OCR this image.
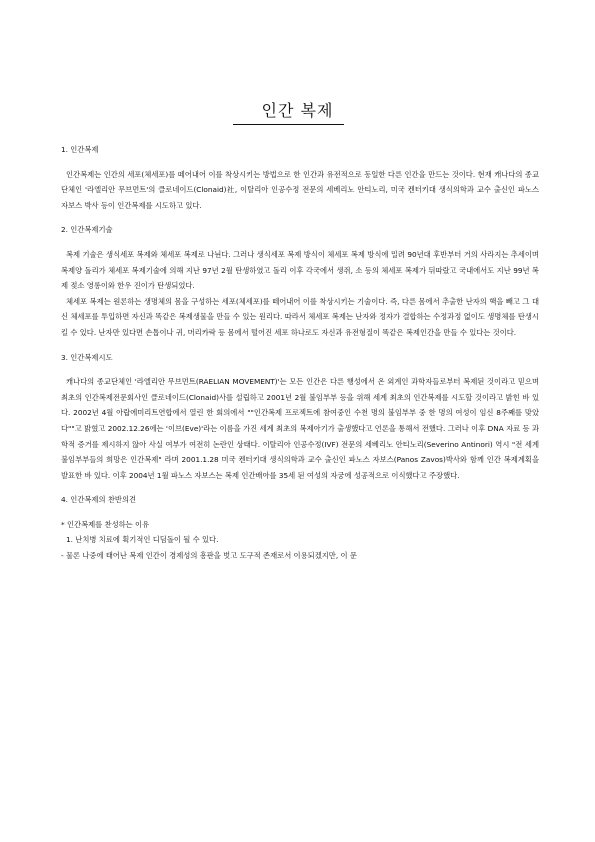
인간 복제

1. 인간복제

인간복제는 인간의 세포(체세포)를 떼어내어 이를 착상시키는 방법으로 한 인간과 유전적으로 동일한 다른 인간을 만드는 것이다. 현재 캐나다의 종교단체인 '라엘리안 무브먼트'의 클로네이드(Clonaid)社, 이탈리아 인공수정 전문의 세베리노 안티노리, 미국 켄터키대 생식의학과 교수 출신인 파노스 자보스 박사 등이 인간복제를 시도하고 있다.

2. 인간복제기술

복제 기술은 생식세포 복제와 체세포 복제로 나뉜다. 그러나 생식세포 복제 방식이 체세포 복제 방식에 밀려 90년대 후반부터 거의 사라지는 추세이며 복제양 돌리가 체세포 복제기술에 의해 지난 97년 2월 탄생하였고 돌리 이후 각국에서 생쥐, 소 등의 체세포 복제가 뒤따랐고 국내에서도 지난 99년 복제 젖소 영롱이와 한우 진이가 탄생되었다.

체세포 복제는 원론하는 생명체의 몸을 구성하는 세포(체세포)를 떼어내어 이를 착상시키는 기술이다. 즉, 다른 몸에서 추출한 난자의 핵을 빼고 그 대신 체세포를 투입하면 자신과 똑같은 복제생물을 만들 수 있는 원리다. 따라서 체세포 복제는 난자와 정자가 결합하는 수정과정 없이도 생명체를 탄생시킬 수 있다. 난자만 있다면 손톱이나 귀, 머리카락 등 몸에서 떨어진 세포 하나로도 자신과 유전형질이 똑같은 복제인간을 만들 수 있다는 것이다.

3. 인간복제시도

캐나다의 종교단체인 '라엘리안 무브먼트(RAELIAN MOVEMENT)'는 모든 인간은 다른 행성에서 온 외계인 과학자들로부터 복제된 것이라고 믿으며 최초의 인간복제전문회사인 클로네이드(Clonaid)사를 설립하고 2001년 2월 불임부부 등을 위해 세계 최초의 인간복제를 시도할 것이라고 밝힌 바 있다. 2002년 4월 아랍에미리트연합에서 열린 한 회의에서 ""인간복제 프로젝트에 참여중인 수천 명의 불임부부 중 한 명의 여성이 임신 8주째를 맞았다""고 밝혔고 2002.12.26에는 '이브(Eve)'라는 이름을 가진 세계 최초의 복제아기가 출생했다고 언론을 통해서 전했다. 그러나 이후 DNA 자료 등 과학적 증거를 제시하지 않아 사실 여부가 여전히 논란인 상태다. 이탈리아 인공수정(IVF) 전문의 세베리노 안티노리(Severino Antinori) 역시 "전 세계 불임부부들의 희망은 인간복제" 라며 2001.1.28 미국 켄터키대 생식의학과 교수 출신인 파노스 자보스(Panos Zavos)박사와 함께 인간 복제계획을 발표한 바 있다. 이후 2004년 1월 파노스 자보스는 복제 인간배아를 35세 된 여성의 자궁에 성공적으로 이식했다고 주장했다.

4. 인간복제의 찬반의견

* 인간복제를 찬성하는 이유

1. 난치병 치료에 획기적인 디딤돌이 될 수 있다.

- 물론 나중에 태어난 복제 인간이 경제성의 흥판을 벗고 도구적 존재로서 이용되겠지만, 이 문
